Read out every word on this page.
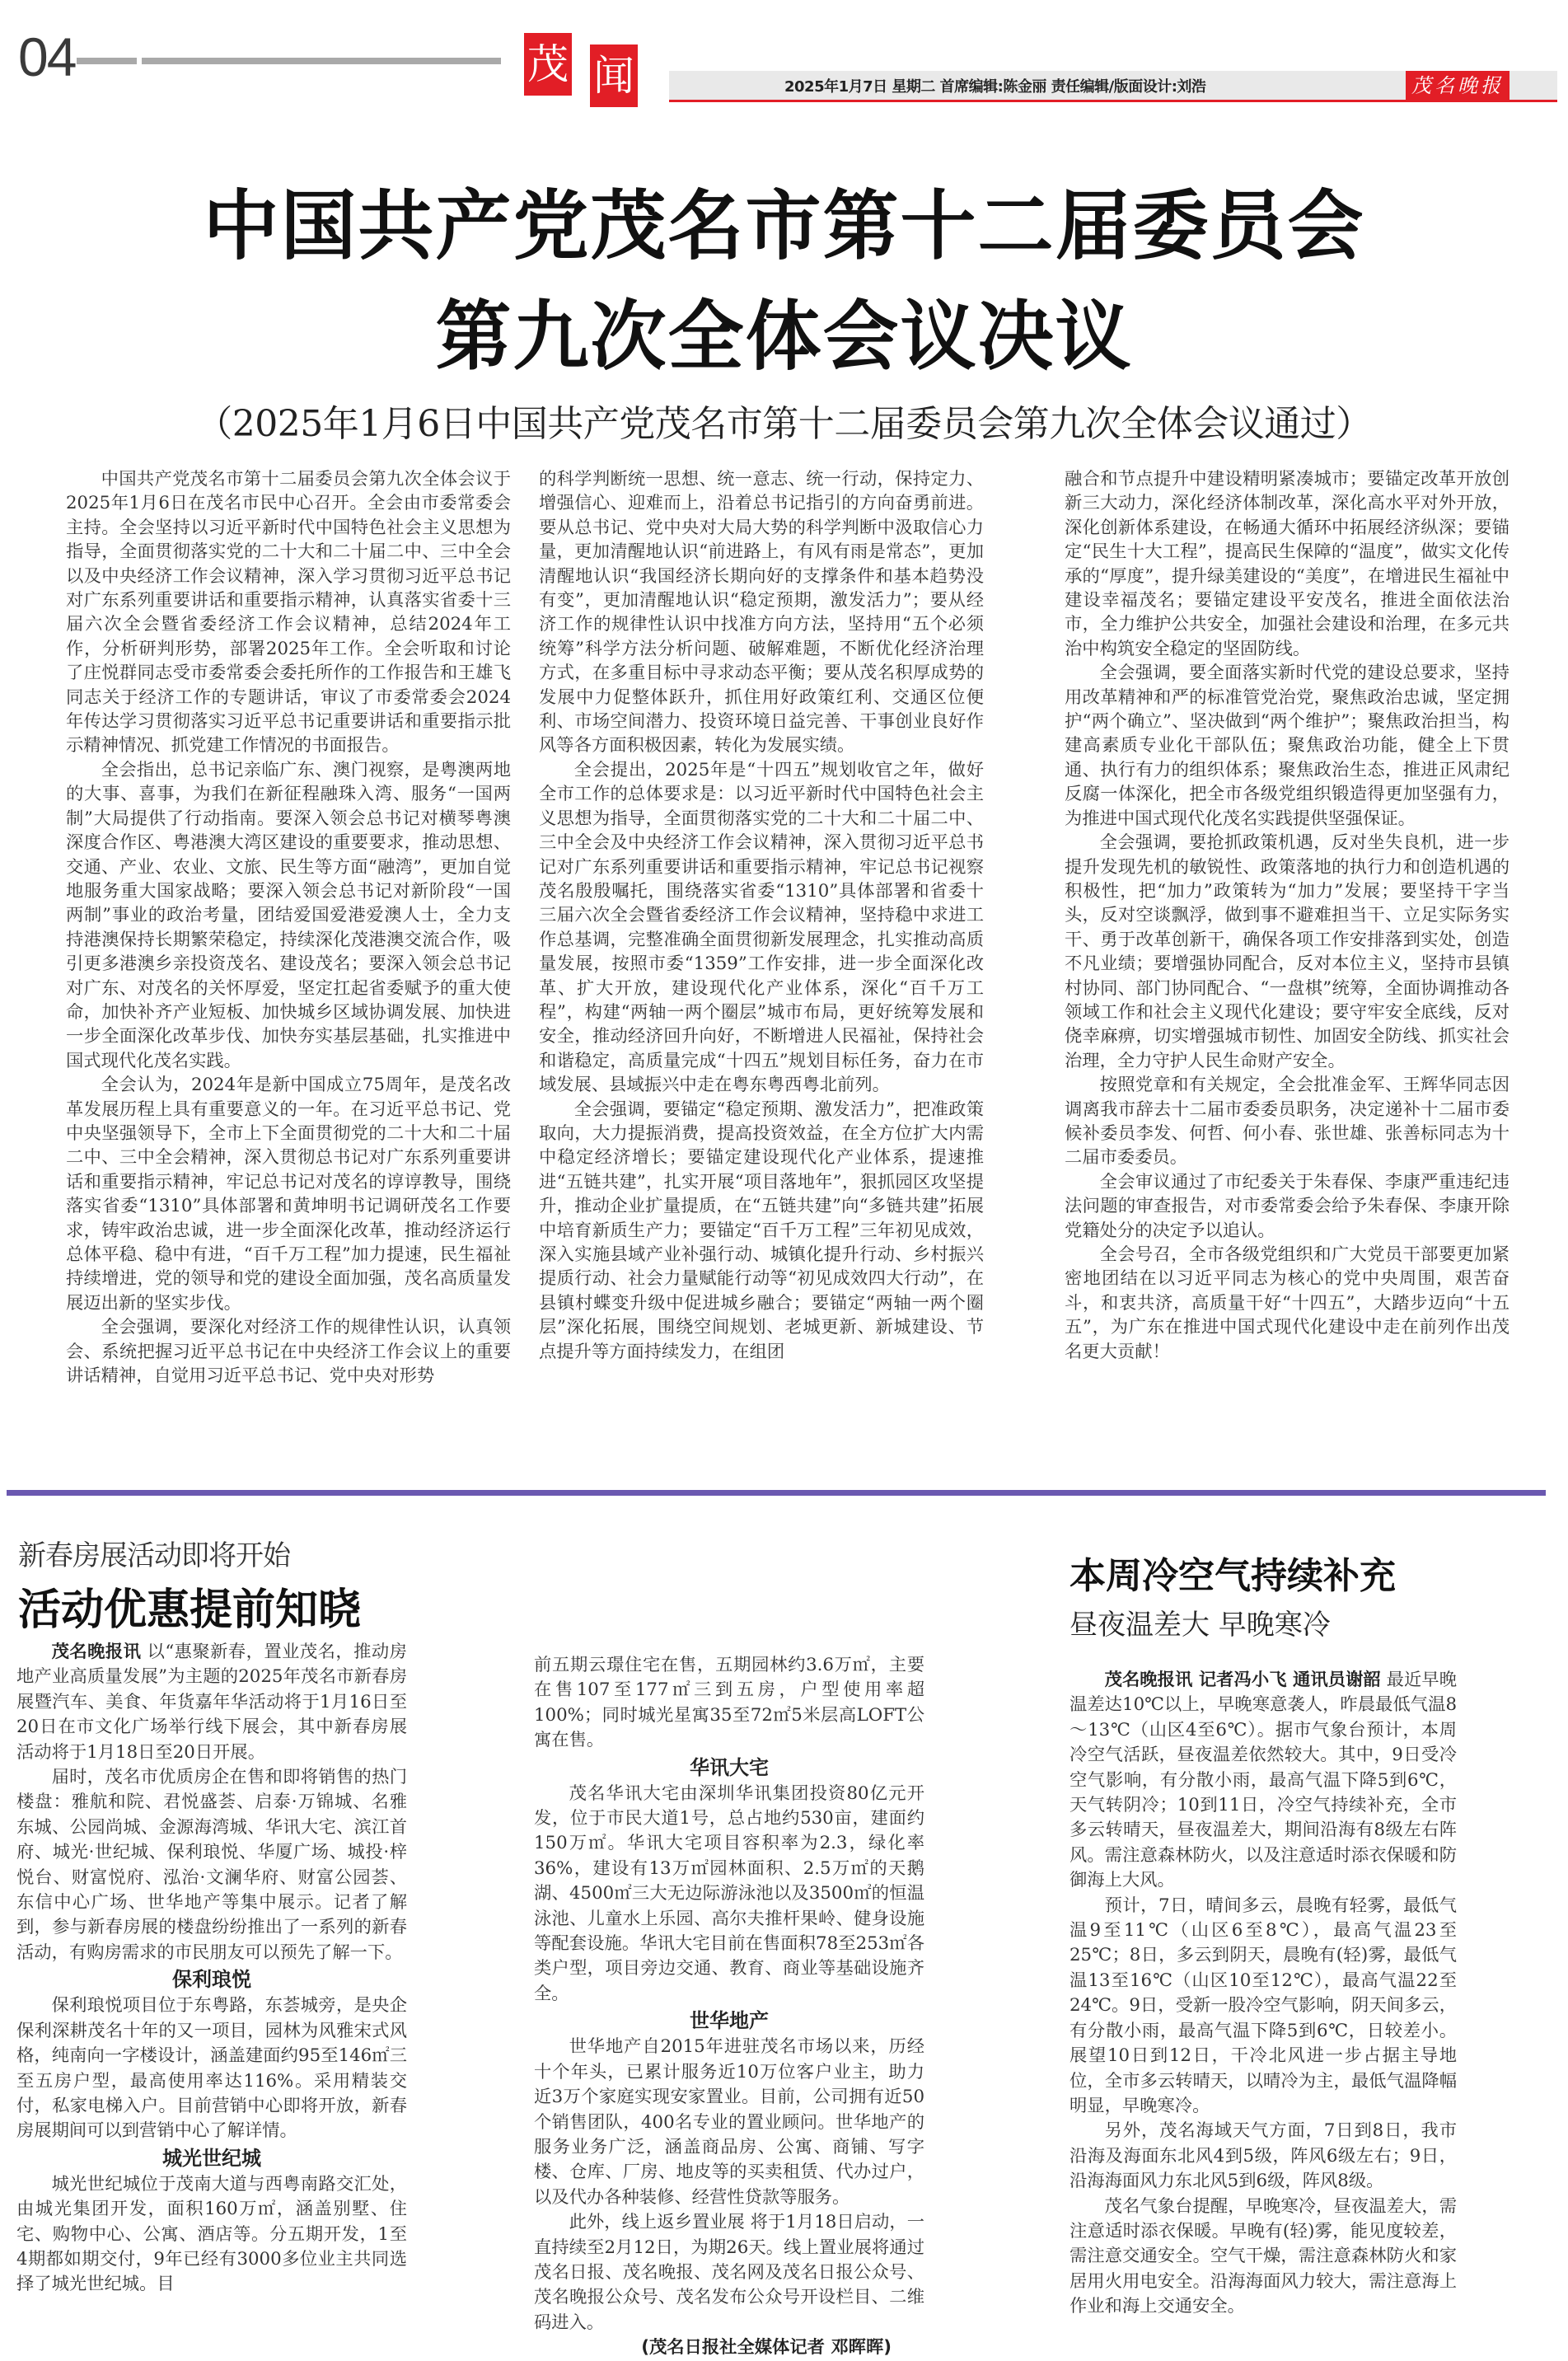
04	茂 闻	2025年1月7日 星期二 首席编辑:陈金丽 责任编辑/版面设计:刘浩	茂名晚报
中国共产党茂名市第十二届委员会
第九次全体会议决议
（2025年1月6日中国共产党茂名市第十二届委员会第九次全体会议通过）

中国共产党茂名市第十二届委员会第九次全体会议于2025年1月6日在茂名市民中心召开。全会由市委常委会主持。全会坚持以习近平新时代中国特色社会主义思想为指导，全面贯彻落实党的二十大和二十届二中、三中全会以及中央经济工作会议精神，深入学习贯彻习近平总书记对广东系列重要讲话和重要指示精神，认真落实省委十三届六次全会暨省委经济工作会议精神，总结2024年工作，分析研判形势，部署2025年工作。全会听取和讨论了庄悦群同志受市委常委会委托所作的工作报告和王雄飞同志关于经济工作的专题讲话，审议了市委常委会2024年传达学习贯彻落实习近平总书记重要讲话和重要指示批示精神情况、抓党建工作情况的书面报告。

全会指出，总书记亲临广东、澳门视察，是粤澳两地的大事、喜事，为我们在新征程融珠入湾、服务“一国两制”大局提供了行动指南。要深入领会总书记对横琴粤澳深度合作区、粤港澳大湾区建设的重要要求，推动思想、交通、产业、农业、文旅、民生等方面“融湾”，更加自觉地服务重大国家战略；要深入领会总书记对新阶段“一国两制”事业的政治考量，团结爱国爱港爱澳人士，全力支持港澳保持长期繁荣稳定，持续深化茂港澳交流合作，吸引更多港澳乡亲投资茂名、建设茂名；要深入领会总书记对广东、对茂名的关怀厚爱，坚定扛起省委赋予的重大使命，加快补齐产业短板、加快城乡区域协调发展、加快进一步全面深化改革步伐、加快夯实基层基础，扎实推进中国式现代化茂名实践。

全会认为，2024年是新中国成立75周年，是茂名改革发展历程上具有重要意义的一年。在习近平总书记、党中央坚强领导下，全市上下全面贯彻党的二十大和二十届二中、三中全会精神，深入贯彻总书记对广东系列重要讲话和重要指示精神，牢记总书记对茂名的谆谆教导，围绕落实省委“1310”具体部署和黄坤明书记调研茂名工作要求，铸牢政治忠诚，进一步全面深化改革，推动经济运行总体平稳、稳中有进，“百千万工程”加力提速，民生福祉持续增进，党的领导和党的建设全面加强，茂名高质量发展迈出新的坚实步伐。

全会强调，要深化对经济工作的规律性认识，认真领会、系统把握习近平总书记在中央经济工作会议上的重要讲话精神，自觉用习近平总书记、党中央对形势

的科学判断统一思想、统一意志、统一行动，保持定力、增强信心、迎难而上，沿着总书记指引的方向奋勇前进。要从总书记、党中央对大局大势的科学判断中汲取信心力量，更加清醒地认识“前进路上，有风有雨是常态”，更加清醒地认识“我国经济长期向好的支撑条件和基本趋势没有变”，更加清醒地认识“稳定预期，激发活力”；要从经济工作的规律性认识中找准方向方法，坚持用“五个必须统筹”科学方法分析问题、破解难题，不断优化经济治理方式，在多重目标中寻求动态平衡；要从茂名积厚成势的发展中力促整体跃升，抓住用好政策红利、交通区位便利、市场空间潜力、投资环境日益完善、干事创业良好作风等各方面积极因素，转化为发展实绩。

全会提出，2025年是“十四五”规划收官之年，做好全市工作的总体要求是：以习近平新时代中国特色社会主义思想为指导，全面贯彻落实党的二十大和二十届二中、三中全会及中央经济工作会议精神，深入贯彻习近平总书记对广东系列重要讲话和重要指示精神，牢记总书记视察茂名殷殷嘱托，围绕落实省委“1310”具体部署和省委十三届六次全会暨省委经济工作会议精神，坚持稳中求进工作总基调，完整准确全面贯彻新发展理念，扎实推动高质量发展，按照市委“1359”工作安排，进一步全面深化改革、扩大开放，建设现代化产业体系，深化“百千万工程”，构建“两轴一两个圈层”城市布局，更好统筹发展和安全，推动经济回升向好，不断增进人民福祉，保持社会和谐稳定，高质量完成“十四五”规划目标任务，奋力在市域发展、县域振兴中走在粤东粤西粤北前列。

全会强调，要锚定“稳定预期、激发活力”，把准政策取向，大力提振消费，提高投资效益，在全方位扩大内需中稳定经济增长；要锚定建设现代化产业体系，提速推进“五链共建”，扎实开展“项目落地年”，狠抓园区攻坚提升，推动企业扩量提质，在“五链共建”向“多链共建”拓展中培育新质生产力；要锚定“百千万工程”三年初见成效，深入实施县域产业补强行动、城镇化提升行动、乡村振兴提质行动、社会力量赋能行动等“初见成效四大行动”，在县镇村蝶变升级中促进城乡融合；要锚定“两轴一两个圈层”深化拓展，围绕空间规划、老城更新、新城建设、节点提升等方面持续发力，在组团

融合和节点提升中建设精明紧凑城市；要锚定改革开放创新三大动力，深化经济体制改革，深化高水平对外开放，深化创新体系建设，在畅通大循环中拓展经济纵深；要锚定“民生十大工程”，提高民生保障的“温度”，做实文化传承的“厚度”，提升绿美建设的“美度”，在增进民生福祉中建设幸福茂名；要锚定建设平安茂名，推进全面依法治市，全力维护公共安全，加强社会建设和治理，在多元共治中构筑安全稳定的坚固防线。

全会强调，要全面落实新时代党的建设总要求，坚持用改革精神和严的标准管党治党，聚焦政治忠诚，坚定拥护“两个确立”、坚决做到“两个维护”；聚焦政治担当，构建高素质专业化干部队伍；聚焦政治功能，健全上下贯通、执行有力的组织体系；聚焦政治生态，推进正风肃纪反腐一体深化，把全市各级党组织锻造得更加坚强有力，为推进中国式现代化茂名实践提供坚强保证。

全会强调，要抢抓政策机遇，反对坐失良机，进一步提升发现先机的敏锐性、政策落地的执行力和创造机遇的积极性，把“加力”政策转为“加力”发展；要坚持干字当头，反对空谈飘浮，做到事不避难担当干、立足实际务实干、勇于改革创新干，确保各项工作安排落到实处，创造不凡业绩；要增强协同配合，反对本位主义，坚持市县镇村协同、部门协同配合、“一盘棋”统筹，全面协调推动各领域工作和社会主义现代化建设；要守牢安全底线，反对侥幸麻痹，切实增强城市韧性、加固安全防线、抓实社会治理，全力守护人民生命财产安全。

按照党章和有关规定，全会批准金军、王辉华同志因调离我市辞去十二届市委委员职务，决定递补十二届市委候补委员李发、何哲、何小春、张世雄、张善标同志为十二届市委委员。

全会审议通过了市纪委关于朱春保、李康严重违纪违法问题的审查报告，对市委常委会给予朱春保、李康开除党籍处分的决定予以追认。

全会号召，全市各级党组织和广大党员干部要更加紧密地团结在以习近平同志为核心的党中央周围，艰苦奋斗，和衷共济，高质量干好“十四五”，大踏步迈向“十五五”，为广东在推进中国式现代化建设中走在前列作出茂名更大贡献！

新春房展活动即将开始
活动优惠提前知晓

茂名晚报讯 以“惠聚新春，置业茂名，推动房地产业高质量发展”为主题的2025年茂名市新春房展暨汽车、美食、年货嘉年华活动将于1月16日至20日在市文化广场举行线下展会，其中新春房展活动将于1月18日至20日开展。

届时，茂名市优质房企在售和即将销售的热门楼盘：雅航和院、君悦盛荟、启泰·万锦城、名雅东城、公园尚城、金源海湾城、华讯大宅、滨江首府、城光·世纪城、保利琅悦、华厦广场、城投·梓悦台、财富悦府、泓治·文澜华府、财富公园荟、东信中心广场、世华地产等集中展示。记者了解到，参与新春房展的楼盘纷纷推出了一系列的新春活动，有购房需求的市民朋友可以预先了解一下。

保利琅悦

保利琅悦项目位于东粤路，东荟城旁，是央企保利深耕茂名十年的又一项目，园林为风雅宋式风格，纯南向一字楼设计，涵盖建面约95至146㎡三至五房户型，最高使用率达116%。采用精装交付，私家电梯入户。目前营销中心即将开放，新春房展期间可以到营销中心了解详情。

城光世纪城

城光世纪城位于茂南大道与西粤南路交汇处，由城光集团开发，面积160万㎡，涵盖别墅、住宅、购物中心、公寓、酒店等。分五期开发，1至4期都如期交付，9年已经有3000多位业主共同选择了城光世纪城。目

前五期云璟住宅在售，五期园林约3.6万㎡，主要在售107至177㎡三到五房，户型使用率超100%；同时城光星寓35至72㎡5米层高LOFT公寓在售。

华讯大宅

茂名华讯大宅由深圳华讯集团投资80亿元开发，位于市民大道1号，总占地约530亩，建面约150万㎡。华讯大宅项目容积率为2.3，绿化率36%，建设有13万㎡园林面积、2.5万㎡的天鹅湖、4500㎡三大无边际游泳池以及3500㎡的恒温泳池、儿童水上乐园、高尔夫推杆果岭、健身设施等配套设施。华讯大宅目前在售面积78至253㎡各类户型，项目旁边交通、教育、商业等基础设施齐全。

世华地产

世华地产自2015年进驻茂名市场以来，历经十个年头，已累计服务近10万位客户业主，助力近3万个家庭实现安家置业。目前，公司拥有近50个销售团队，400名专业的置业顾问。世华地产的服务业务广泛，涵盖商品房、公寓、商铺、写字楼、仓库、厂房、地皮等的买卖租赁、代办过户，以及代办各种装修、经营性贷款等服务。

此外，线上返乡置业展 将于1月18日启动，一直持续至2月12日，为期26天。线上置业展将通过茂名日报、茂名晚报、茂名网及茂名日报公众号、茂名晚报公众号、茂名发布公众号开设栏目、二维码进入。

(茂名日报社全媒体记者 邓晖晖)

本周冷空气持续补充
昼夜温差大 早晚寒冷

茂名晚报讯 记者冯小飞 通讯员谢韶 最近早晚温差达10℃以上，早晚寒意袭人，昨晨最低气温8～13℃（山区4至6℃）。据市气象台预计，本周冷空气活跃，昼夜温差依然较大。其中，9日受冷空气影响，有分散小雨，最高气温下降5到6℃，天气转阴冷；10到11日，冷空气持续补充，全市多云转晴天，昼夜温差大，期间沿海有8级左右阵风。需注意森林防火，以及注意适时添衣保暖和防御海上大风。

预计，7日，晴间多云，晨晚有轻雾，最低气温9至11℃（山区6至8℃），最高气温23至25℃；8日，多云到阴天，晨晚有(轻)雾，最低气温13至16℃（山区10至12℃），最高气温22至24℃。9日，受新一股冷空气影响，阴天间多云，有分散小雨，最高气温下降5到6℃，日较差小。展望10日到12日，干冷北风进一步占据主导地位，全市多云转晴天，以晴冷为主，最低气温降幅明显，早晚寒冷。

另外，茂名海域天气方面，7日到8日，我市沿海及海面东北风4到5级，阵风6级左右；9日，沿海海面风力东北风5到6级，阵风8级。

茂名气象台提醒，早晚寒冷，昼夜温差大，需注意适时添衣保暖。早晚有(轻)雾，能见度较差，需注意交通安全。空气干燥，需注意森林防火和家居用火用电安全。沿海海面风力较大，需注意海上作业和海上交通安全。
